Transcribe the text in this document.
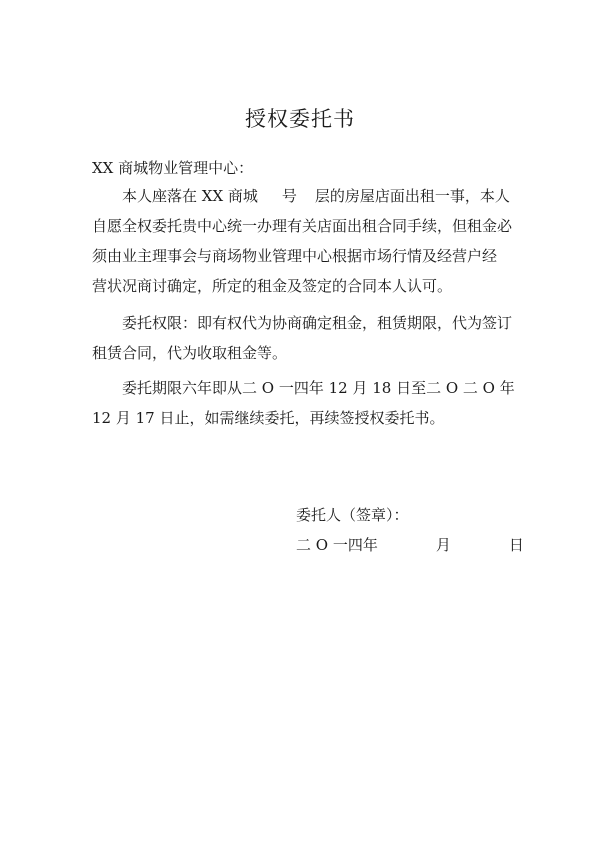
授权委托书
XX 商城物业管理中心：
本人座落在 XX 商城 号 层的房屋店面出租一事，本人
自愿全权委托贵中心统一办理有关店面出租合同手续，但租金必
须由业主理事会与商场物业管理中心根据市场行情及经营户经
营状况商讨确定，所定的租金及签定的合同本人认可。
委托权限：即有权代为协商确定租金，租赁期限，代为签订
租赁合同，代为收取租金等。
委托期限六年即从二 O 一四年 12 月 18 日至二 O 二 O 年
12 月 17 日止，如需继续委托，再续签授权委托书。
委托人（签章）：
二 O 一四年	月	日
